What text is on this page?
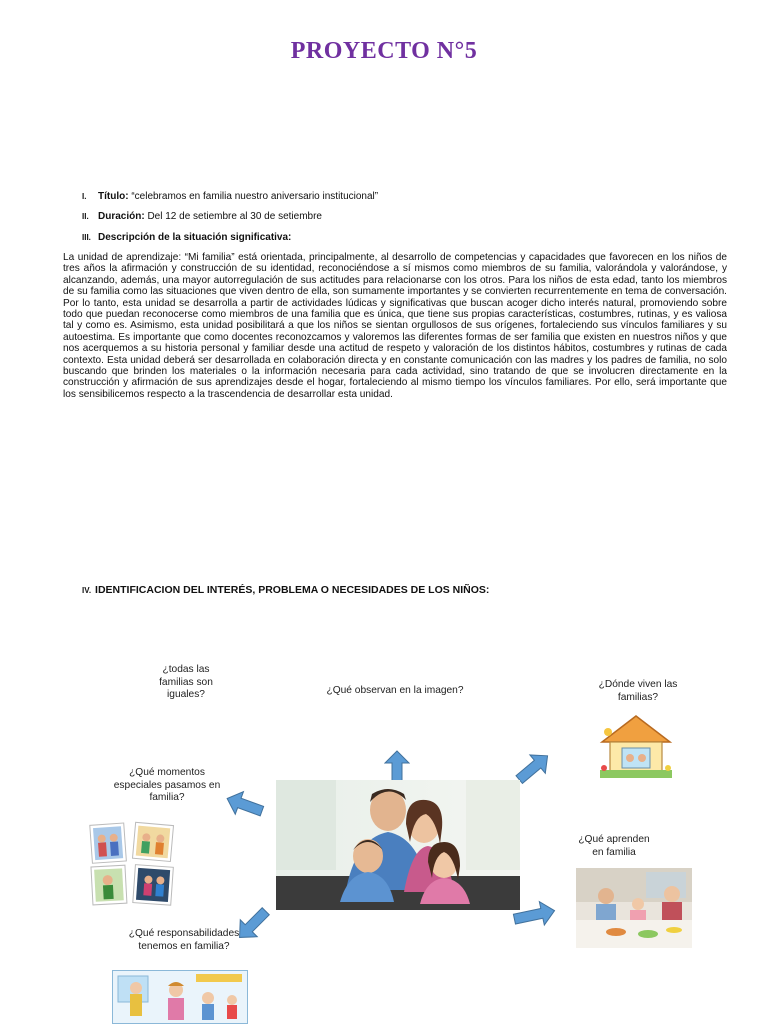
PROYECTO N°5
I. Título: “celebramos en familia nuestro aniversario institucional”
II. Duración: Del 12 de setiembre al 30 de setiembre
III. Descripción de la situación significativa:
La unidad de aprendizaje: “Mi familia” está orientada, principalmente, al desarrollo de competencias y capacidades que favorecen en los niños de tres años la afirmación y construcción de su identidad, reconociéndose a sí mismos como miembros de su familia, valorándola y valorándose, y alcanzando, además, una mayor autorregulación de sus actitudes para relacionarse con los otros. Para los niños de esta edad, tanto los miembros de su familia como las situaciones que viven dentro de ella, son sumamente importantes y se convierten recurrentemente en tema de conversación. Por lo tanto, esta unidad se desarrolla a partir de actividades lúdicas y significativas que buscan acoger dicho interés natural, promoviendo sobre todo que puedan reconocerse como miembros de una familia que es única, que tiene sus propias características, costumbres, rutinas, y es valiosa tal y como es. Asimismo, esta unidad posibilitará a que los niños se sientan orgullosos de sus orígenes, fortaleciendo sus vínculos familiares y su autoestima. Es importante que como docentes reconozcamos y valoremos las diferentes formas de ser familia que existen en nuestros niños y que nos acerquemos a su historia personal y familiar desde una actitud de respeto y valoración de los distintos hábitos, costumbres y rutinas de cada contexto. Esta unidad deberá ser desarrollada en colaboración directa y en constante comunicación con las madres y los padres de familia, no solo buscando que brinden los materiales o la información necesaria para cada actividad, sino tratando de que se involucren directamente en la construcción y afirmación de sus aprendizajes desde el hogar, fortaleciendo al mismo tiempo los vínculos familiares. Por ello, será importante que los sensibilicemos respecto a la trascendencia de desarrollar esta unidad.
IV. IDENTIFICACION DEL INTERÉS, PROBLEMA O NECESIDADES DE LOS NIÑOS:
¿todas las familias son iguales?	¿Qué observan en la imagen?
¿Dónde viven las familias?
¿Qué momentos especiales pasamos en familia?
¿Qué aprenden en familia
¿Qué responsabilidades tenemos en familia?
